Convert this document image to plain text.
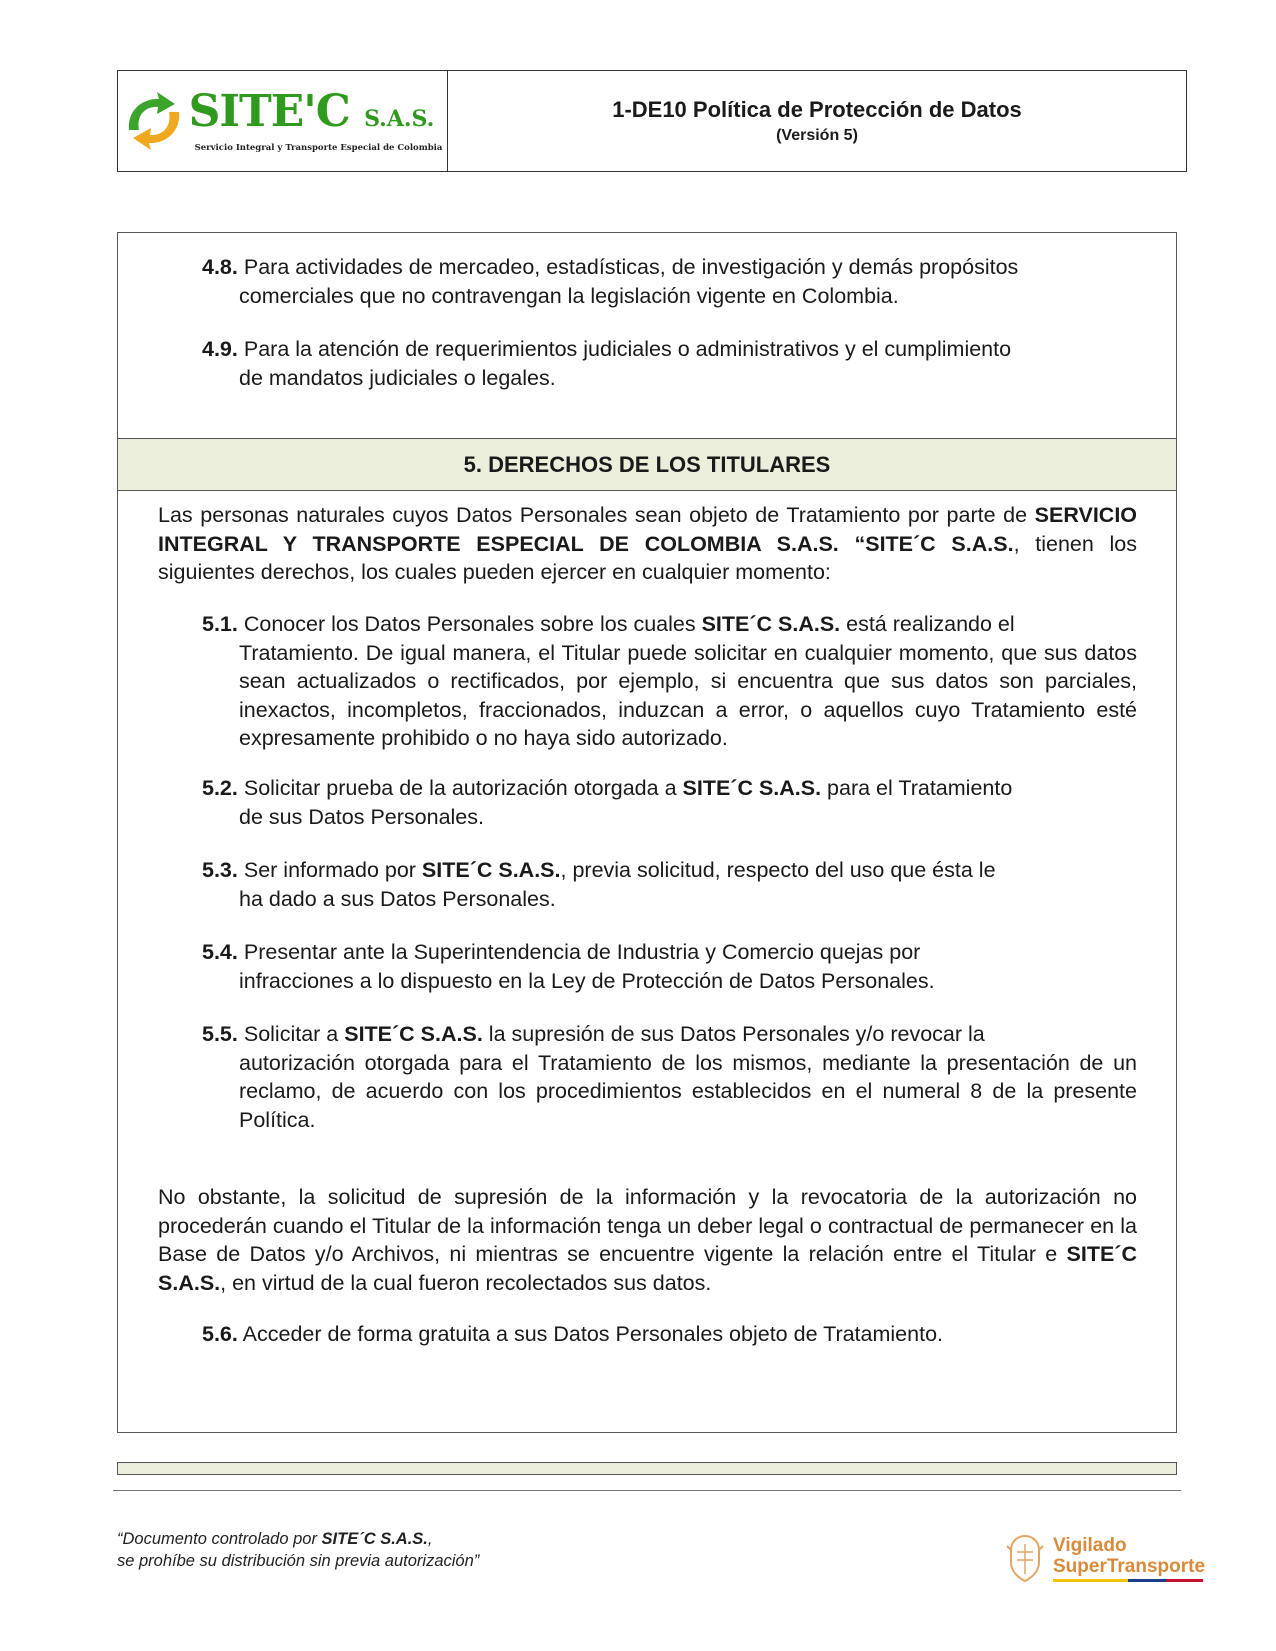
SITE'C S.A.S.
Servicio Integral y Transporte Especial de Colombia
1-DE10 Política de Protección de Datos
(Versión 5)
4.8. Para actividades de mercadeo, estadísticas, de investigación y demás propósitos
comerciales que no contravengan la legislación vigente en Colombia.
4.9. Para la atención de requerimientos judiciales o administrativos y el cumplimiento
de mandatos judiciales o legales.
5. DERECHOS DE LOS TITULARES
Las personas naturales cuyos Datos Personales sean objeto de Tratamiento por parte de SERVICIO INTEGRAL Y TRANSPORTE ESPECIAL DE COLOMBIA S.A.S. “SITE´C S.A.S., tienen los siguientes derechos, los cuales pueden ejercer en cualquier momento:
5.1. Conocer los Datos Personales sobre los cuales SITE´C S.A.S. está realizando el
Tratamiento. De igual manera, el Titular puede solicitar en cualquier momento, que sus datos sean actualizados o rectificados, por ejemplo, si encuentra que sus datos son parciales, inexactos, incompletos, fraccionados, induzcan a error, o aquellos cuyo Tratamiento esté expresamente prohibido o no haya sido autorizado.
5.2. Solicitar prueba de la autorización otorgada a SITE´C S.A.S. para el Tratamiento
de sus Datos Personales.
5.3. Ser informado por SITE´C S.A.S., previa solicitud, respecto del uso que ésta le
ha dado a sus Datos Personales.
5.4. Presentar ante la Superintendencia de Industria y Comercio quejas por
infracciones a lo dispuesto en la Ley de Protección de Datos Personales.
5.5. Solicitar a SITE´C S.A.S. la supresión de sus Datos Personales y/o revocar la
autorización otorgada para el Tratamiento de los mismos, mediante la presentación de un reclamo, de acuerdo con los procedimientos establecidos en el numeral 8 de la presente Política.
No obstante, la solicitud de supresión de la información y la revocatoria de la autorización no procederán cuando el Titular de la información tenga un deber legal o contractual de permanecer en la Base de Datos y/o Archivos, ni mientras se encuentre vigente la relación entre el Titular e SITE´C S.A.S., en virtud de la cual fueron recolectados sus datos.
5.6. Acceder de forma gratuita a sus Datos Personales objeto de Tratamiento.
“Documento controlado por SITE´C S.A.S.,
se prohíbe su distribución sin previa autorización”
Vigilado
SuperTransporte
